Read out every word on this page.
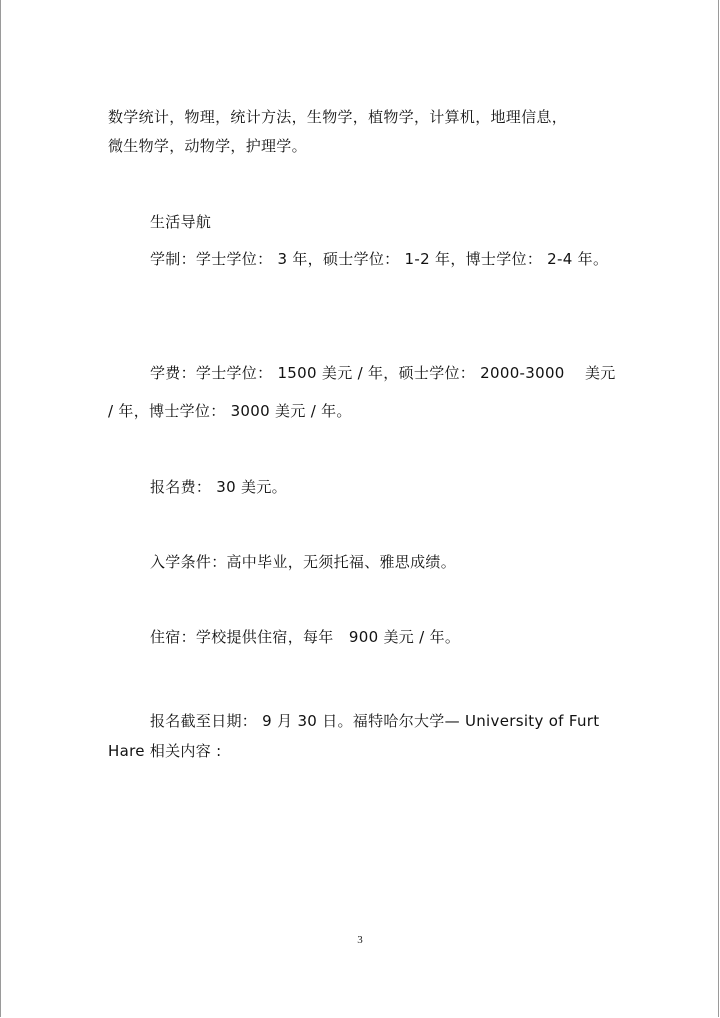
数学统计，物理，统计方法，生物学，植物学，计算机，地理信息，
微生物学，动物学，护理学。
生活导航
学制：学士学位： 3 年，硕士学位： 1-2 年，博士学位： 2-4 年。
学费：学士学位： 1500 美元 / 年，硕士学位： 2000-3000　 美元
/ 年，博士学位： 3000 美元 / 年。
报名费： 30 美元。
入学条件：高中毕业，无须托福、雅思成绩。
住宿：学校提供住宿，每年　900 美元 / 年。
报名截至日期： 9 月 30 日。福特哈尔大学— University of Furt
Hare 相关内容 :
3
